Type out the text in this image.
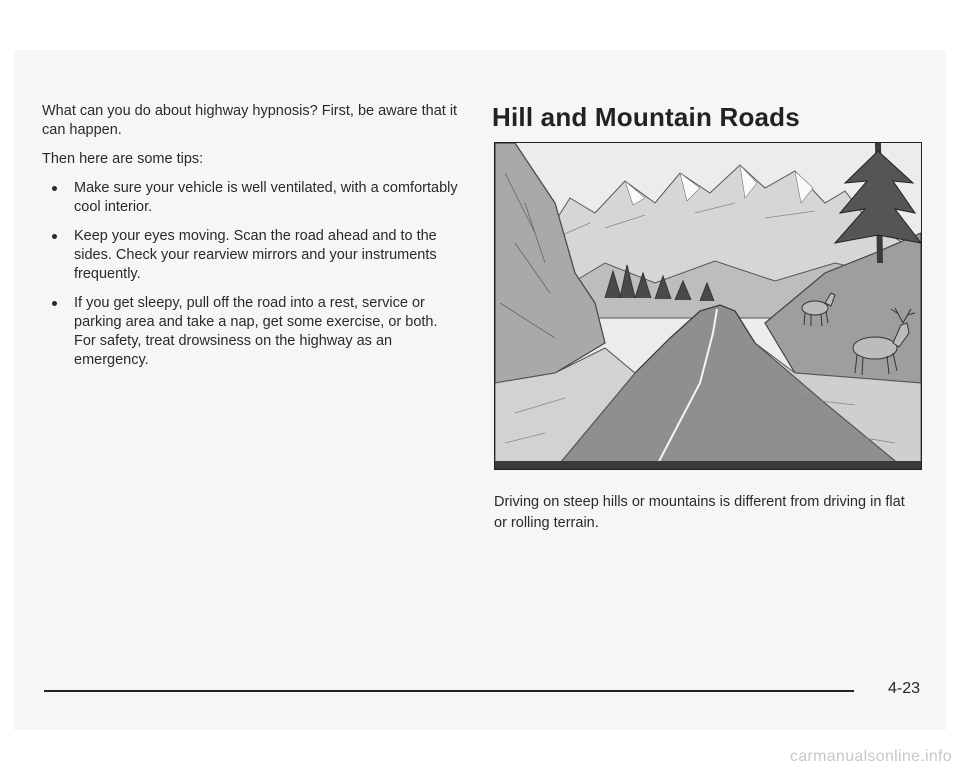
What can you do about highway hypnosis? First, be aware that it can happen.

Then here are some tips:

Make sure your vehicle is well ventilated, with a comfortably cool interior.
Keep your eyes moving. Scan the road ahead and to the sides. Check your rearview mirrors and your instruments frequently.
If you get sleepy, pull off the road into a rest, service or parking area and take a nap, get some exercise, or both. For safety, treat drowsiness on the highway as an emergency.
Hill and Mountain Roads

Driving on steep hills or mountains is different from driving in flat or rolling terrain.

4-23
carmanualsonline.info
